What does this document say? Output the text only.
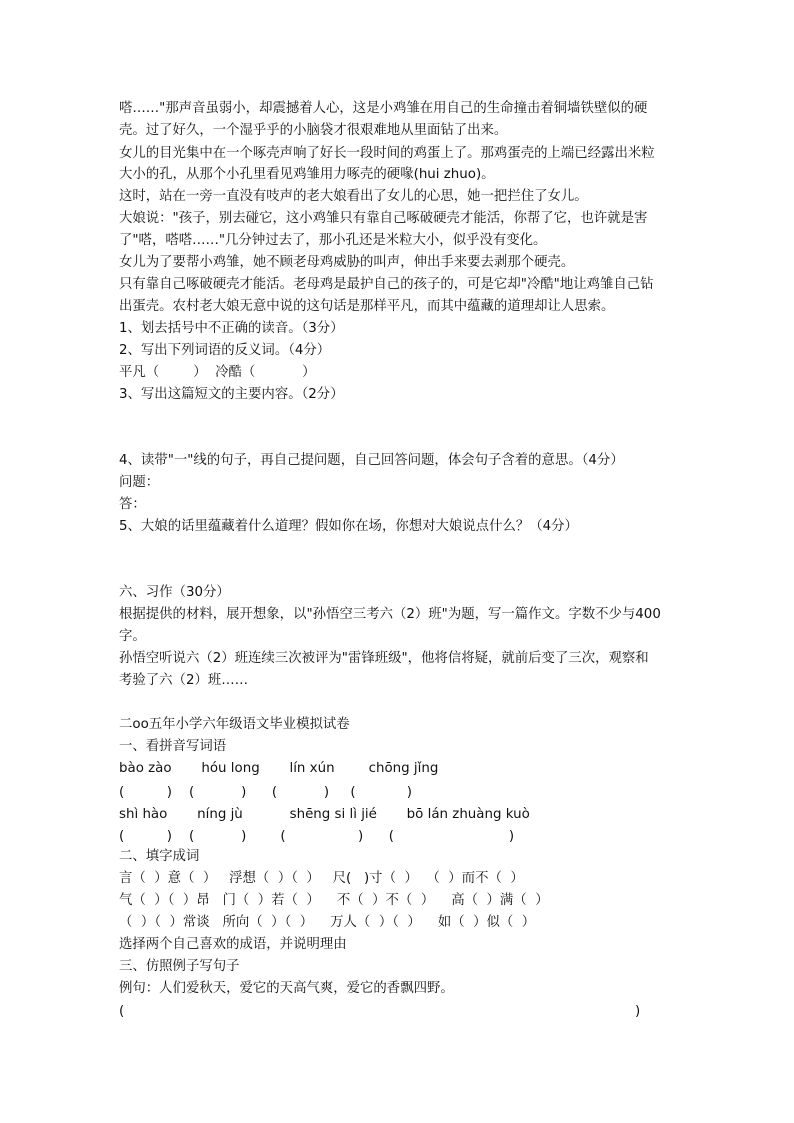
嗒……"那声音虽弱小，却震撼着人心，这是小鸡雏在用自己的生命撞击着铜墙铁壁似的硬

壳。过了好久，一个湿乎乎的小脑袋才很艰难地从里面钻了出来。

女儿的目光集中在一个啄壳声响了好长一段时间的鸡蛋上了。那鸡蛋壳的上端已经露出米粒

大小的孔，从那个小孔里看见鸡雏用力啄壳的硬喙(hui zhuo)。

这时，站在一旁一直没有吱声的老大娘看出了女儿的心思，她一把拦住了女儿。

大娘说："孩子，别去碰它，这小鸡雏只有靠自己啄破硬壳才能活，你帮了它，也许就是害

了"嗒，嗒嗒……"几分钟过去了，那小孔还是米粒大小，似乎没有变化。

女儿为了要帮小鸡雏，她不顾老母鸡威胁的叫声，伸出手来要去剥那个硬壳。

只有靠自己啄破硬壳才能活。老母鸡是最护自己的孩子的，可是它却"冷酷"地让鸡雏自己钻

出蛋壳。农村老大娘无意中说的这句话是那样平凡，而其中蕴藏的道理却让人思索。

1、划去括号中不正确的读音。（3分）

2、写出下列词语的反义词。（4分）

平凡（        ）  冷酷（           ）

3、写出这篇短文的主要内容。（2分）

4、读带"一"线的句子，再自己提问题，自己回答问题，体会句子含着的意思。（4分）

问题：

答：

5、大娘的话里蕴藏着什么道理？假如你在场，你想对大娘说点什么？（4分）

六、习作（30分）

根据提供的材料，展开想象，以"孙悟空三考六（2）班"为题，写一篇作文。字数不少与400

字。

孙悟空听说六（2）班连续三次被评为"雷锋班级"，他将信将疑，就前后变了三次，观察和

考验了六（2）班……

二oo五年小学六年级语文毕业模拟试卷

一、看拼音写词语

bào zào       hóu long       lín xún        chōng jǐng

(          )    (           )      (           )     (            )

shì hào       níng jù           shēng si lì jié       bō lán zhuàng kuò

(          )    (           )        (                 )      (                           )

二、填字成词

言（  ）意（  ）   浮想（  ）（  ）   尺(   )寸（  ）  （  ）而不（  ）

气（  ）（  ）昂   门（  ）若（  ）    不（  ）不（  ）    高（  ）满（  ）

（  ）（  ）常谈   所向（  ）（  ）    万人（  ）（  ）    如（  ）似（  ）

选择两个自己喜欢的成语，并说明理由

三、仿照例子写句子

例句：人们爱秋天，爱它的天高气爽，爱它的香飘四野。

(                                                                                                                        )
